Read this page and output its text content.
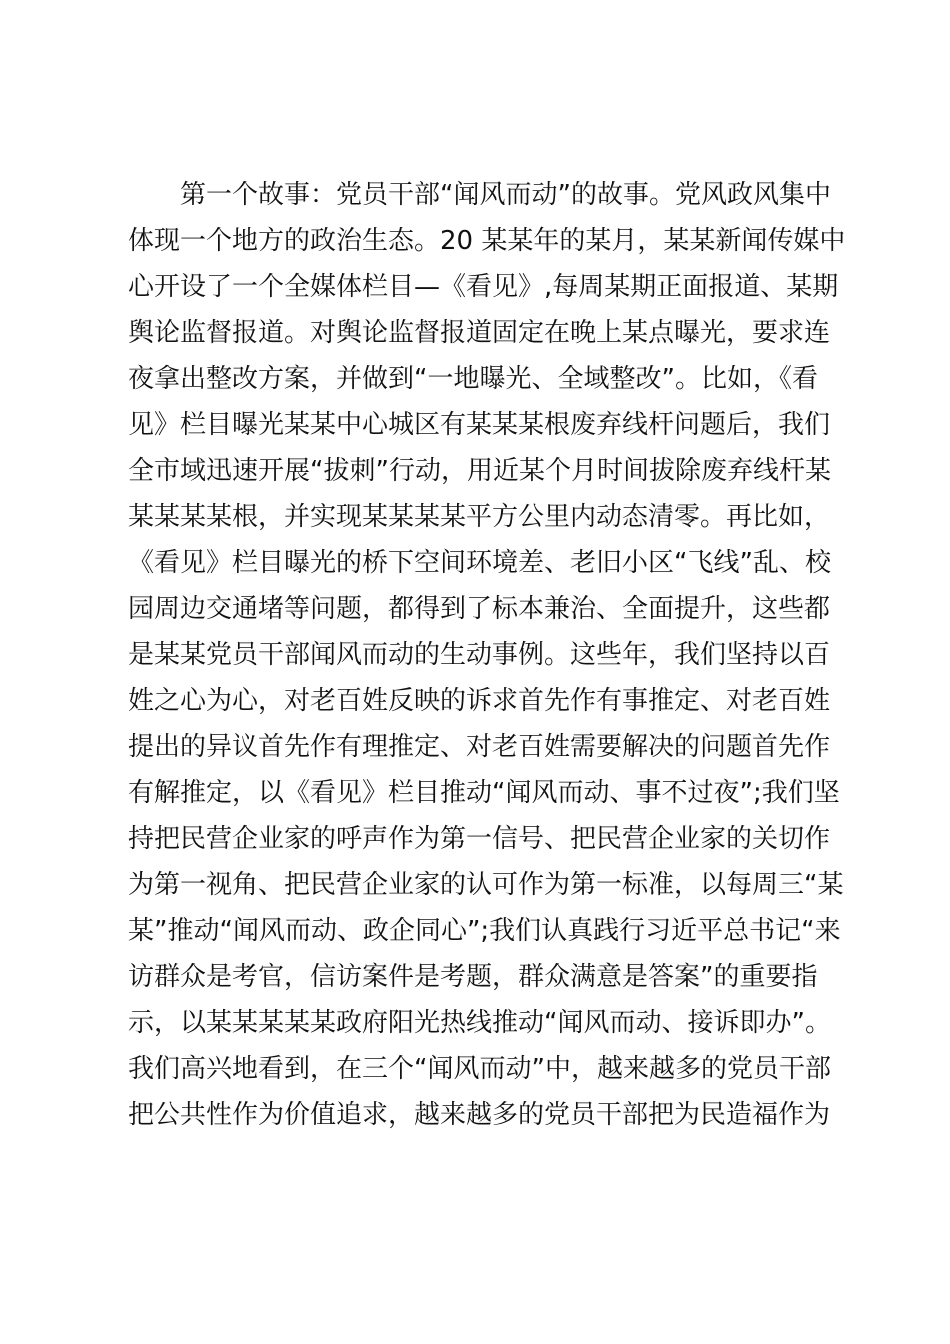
第一个故事：党员干部“闻风而动”的故事。党风政风集中
体现一个地方的政治生态。20 某某年的某月，某某新闻传媒中
心开设了一个全媒体栏目—《看见》,每周某期正面报道、某期
舆论监督报道。对舆论监督报道固定在晚上某点曝光，要求连
夜拿出整改方案，并做到“一地曝光、全域整改”。比如，《看
见》栏目曝光某某中心城区有某某某根废弃线杆问题后，我们
全市域迅速开展“拔刺”行动，用近某个月时间拔除废弃线杆某
某某某某根，并实现某某某某平方公里内动态清零。再比如，
《看见》栏目曝光的桥下空间环境差、老旧小区“飞线”乱、校
园周边交通堵等问题，都得到了标本兼治、全面提升，这些都
是某某党员干部闻风而动的生动事例。这些年，我们坚持以百
姓之心为心，对老百姓反映的诉求首先作有事推定、对老百姓
提出的异议首先作有理推定、对老百姓需要解决的问题首先作
有解推定，以《看见》栏目推动“闻风而动、事不过夜”;我们坚
持把民营企业家的呼声作为第一信号、把民营企业家的关切作
为第一视角、把民营企业家的认可作为第一标准，以每周三“某
某”推动“闻风而动、政企同心”;我们认真践行习近平总书记“来
访群众是考官，信访案件是考题，群众满意是答案”的重要指
示，以某某某某某政府阳光热线推动“闻风而动、接诉即办”。
我们高兴地看到，在三个“闻风而动”中，越来越多的党员干部
把公共性作为价值追求，越来越多的党员干部把为民造福作为
